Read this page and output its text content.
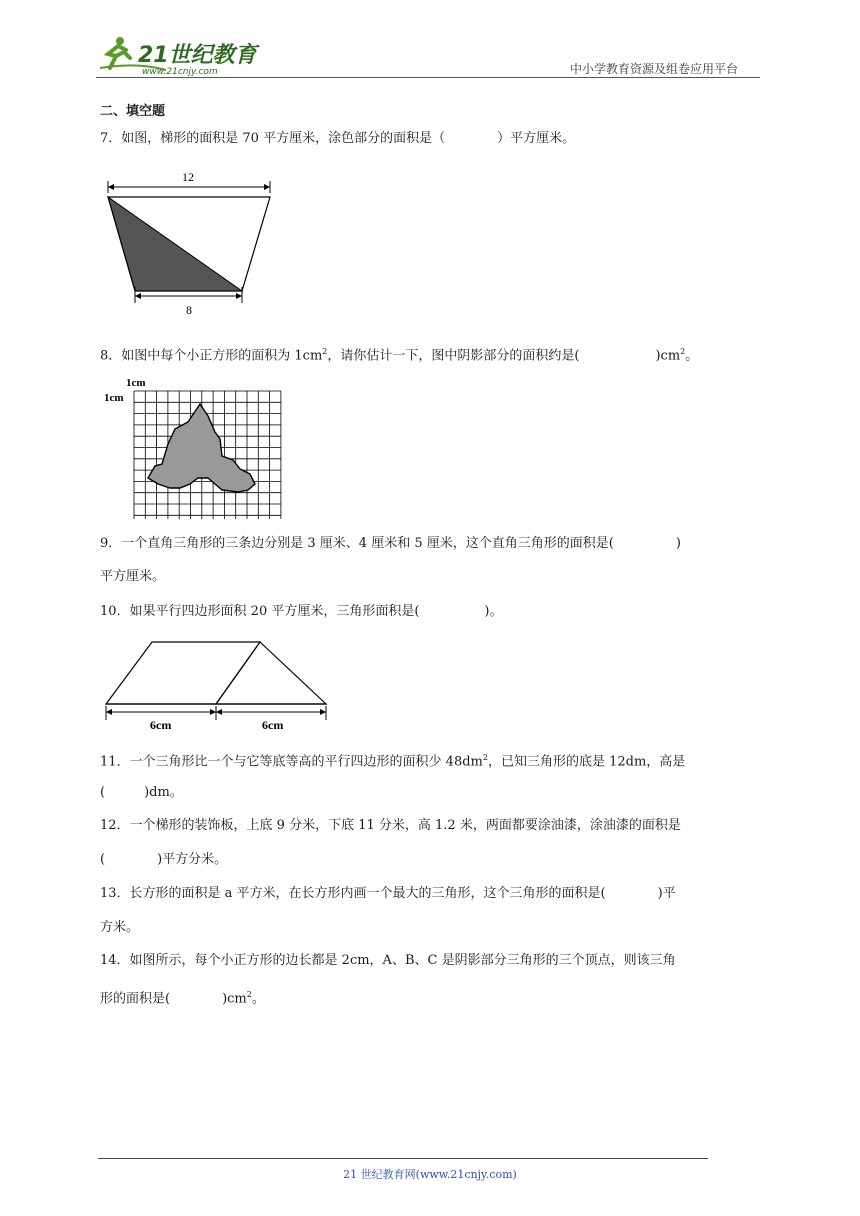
21世纪教育
www.21cnjy.com	中小学教育资源及组卷应用平台
二、填空题
7．如图，梯形的面积是 70 平方厘米，涂色部分的面积是（　　　　）平方厘米。
12
8
8．如图中每个小正方形的面积为 $1cm^2$，请你估计一下，图中阴影部分的面积约是(	)$cm^2$。
1cm
1cm
9．一个直角三角形的三条边分别是 3 厘米、4 厘米和 5 厘米，这个直角三角形的面积是(	)
平方厘米。
10．如果平行四边形面积 20 平方厘米，三角形面积是(　　　　　)。
6cm	6cm
11．一个三角形比一个与它等底等高的平行四边形的面积少 $48dm^2$，已知三角形的底是 12dm，高是
(　　　)dm。
12．一个梯形的装饰板，上底 9 分米，下底 11 分米，高 1.2 米，两面都要涂油漆，涂油漆的面积是
(　　　　)平方分米。
13．长方形的面积是 a 平方米，在长方形内画一个最大的三角形，这个三角形的面积是(	)平
方米。
14．如图所示，每个小正方形的边长都是 2cm，A、B、C 是阴影部分三角形的三个顶点，则该三角
形的面积是(　　　　)$cm^2$。
21 世纪教育网(www.21cnjy.com)
